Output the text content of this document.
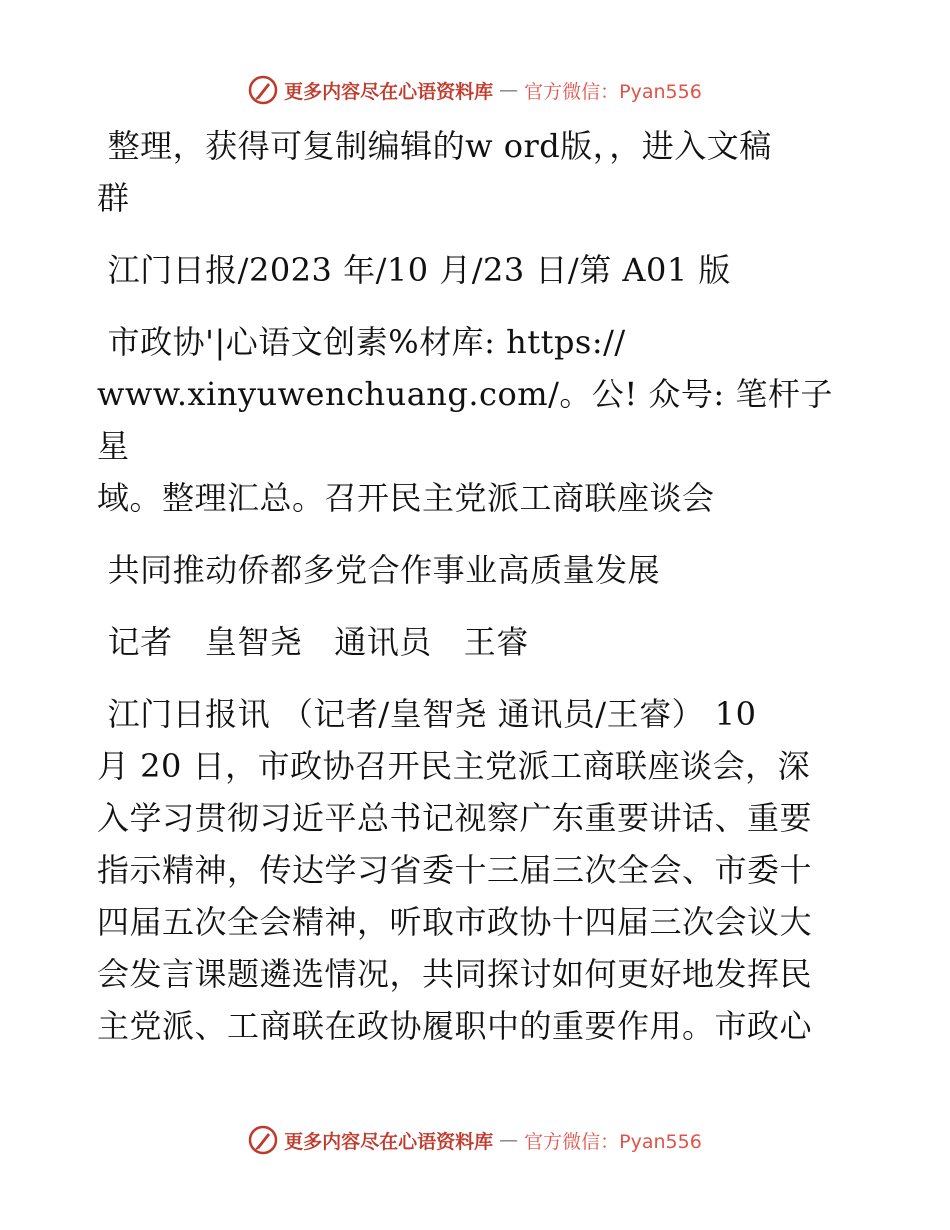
更多内容尽在心语资料库 — 官方微信：Pyan556

整理，获得可复制编辑的w ord版，，进入文稿

群

江门日报/2023 年/10 月/23 日/第 A01 版

市政协'|心语文创素%材库: https://

www.xinyuwenchuang.com/。公! 众号: 笔杆子星

域。整理汇总。召开民主党派工商联座谈会

共同推动侨都多党合作事业高质量发展

记者   皇智尧   通讯员   王睿

江门日报讯 （记者/皇智尧 通讯员/王睿） 10

月 20 日，市政协召开民主党派工商联座谈会，深

入学习贯彻习近平总书记视察广东重要讲话、重要

指示精神，传达学习省委十三届三次全会、市委十

四届五次全会精神，听取市政协十四届三次会议大

会发言课题遴选情况，共同探讨如何更好地发挥民

主党派、工商联在政协履职中的重要作用。市政心

更多内容尽在心语资料库 — 官方微信：Pyan556
